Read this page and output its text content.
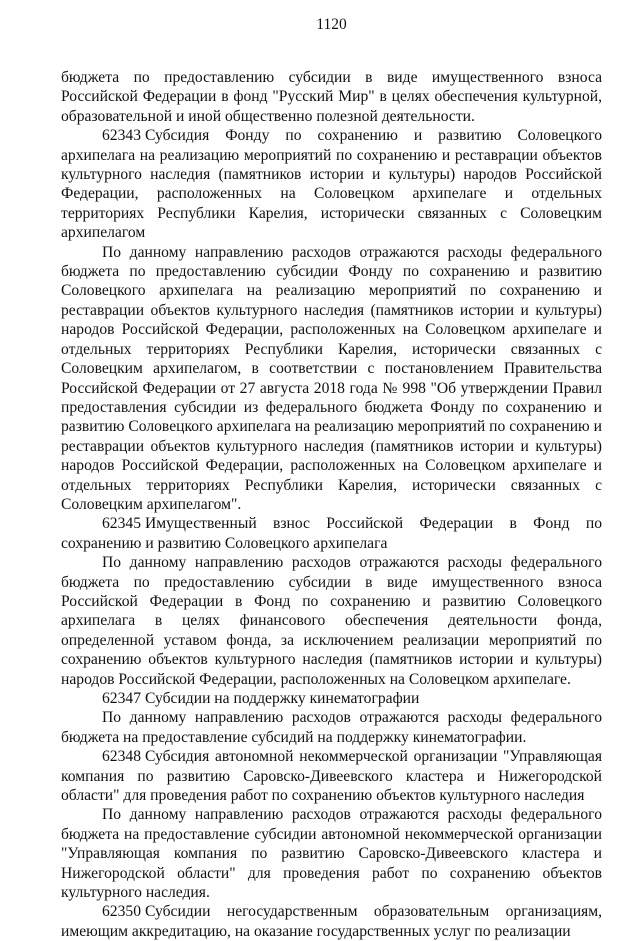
1120

бюджета по предоставлению субсидии в виде имущественного взноса Российской Федерации в фонд "Русский Мир" в целях обеспечения культурной, образовательной и иной общественно полезной деятельности.

62343 Субсидия Фонду по сохранению и развитию Соловецкого архипелага на реализацию мероприятий по сохранению и реставрации объектов культурного наследия (памятников истории и культуры) народов Российской Федерации, расположенных на Соловецком архипелаге и отдельных территориях Республики Карелия, исторически связанных с Соловецким архипелагом

По данному направлению расходов отражаются расходы федерального бюджета по предоставлению субсидии Фонду по сохранению и развитию Соловецкого архипелага на реализацию мероприятий по сохранению и реставрации объектов культурного наследия (памятников истории и культуры) народов Российской Федерации, расположенных на Соловецком архипелаге и отдельных территориях Республики Карелия, исторически связанных с Соловецким архипелагом, в соответствии с постановлением Правительства Российской Федерации от 27 августа 2018 года № 998 "Об утверждении Правил предоставления субсидии из федерального бюджета Фонду по сохранению и развитию Соловецкого архипелага на реализацию мероприятий по сохранению и реставрации объектов культурного наследия (памятников истории и культуры) народов Российской Федерации, расположенных на Соловецком архипелаге и отдельных территориях Республики Карелия, исторически связанных с Соловецким архипелагом".

62345 Имущественный взнос Российской Федерации в Фонд по сохранению и развитию Соловецкого архипелага

По данному направлению расходов отражаются расходы федерального бюджета по предоставлению субсидии в виде имущественного взноса Российской Федерации в Фонд по сохранению и развитию Соловецкого архипелага в целях финансового обеспечения деятельности фонда, определенной уставом фонда, за исключением реализации мероприятий по сохранению объектов культурного наследия (памятников истории и культуры) народов Российской Федерации, расположенных на Соловецком архипелаге.

62347 Субсидии на поддержку кинематографии

По данному направлению расходов отражаются расходы федерального бюджета на предоставление субсидий на поддержку кинематографии.

62348 Субсидия автономной некоммерческой организации "Управляющая компания по развитию Саровско-Дивеевского кластера и Нижегородской области" для проведения работ по сохранению объектов культурного наследия

По данному направлению расходов отражаются расходы федерального бюджета на предоставление субсидии автономной некоммерческой организации "Управляющая компания по развитию Саровско-Дивеевского кластера и Нижегородской области" для проведения работ по сохранению объектов культурного наследия.

62350 Субсидии негосударственным образовательным организациям, имеющим аккредитацию, на оказание государственных услуг по реализации
